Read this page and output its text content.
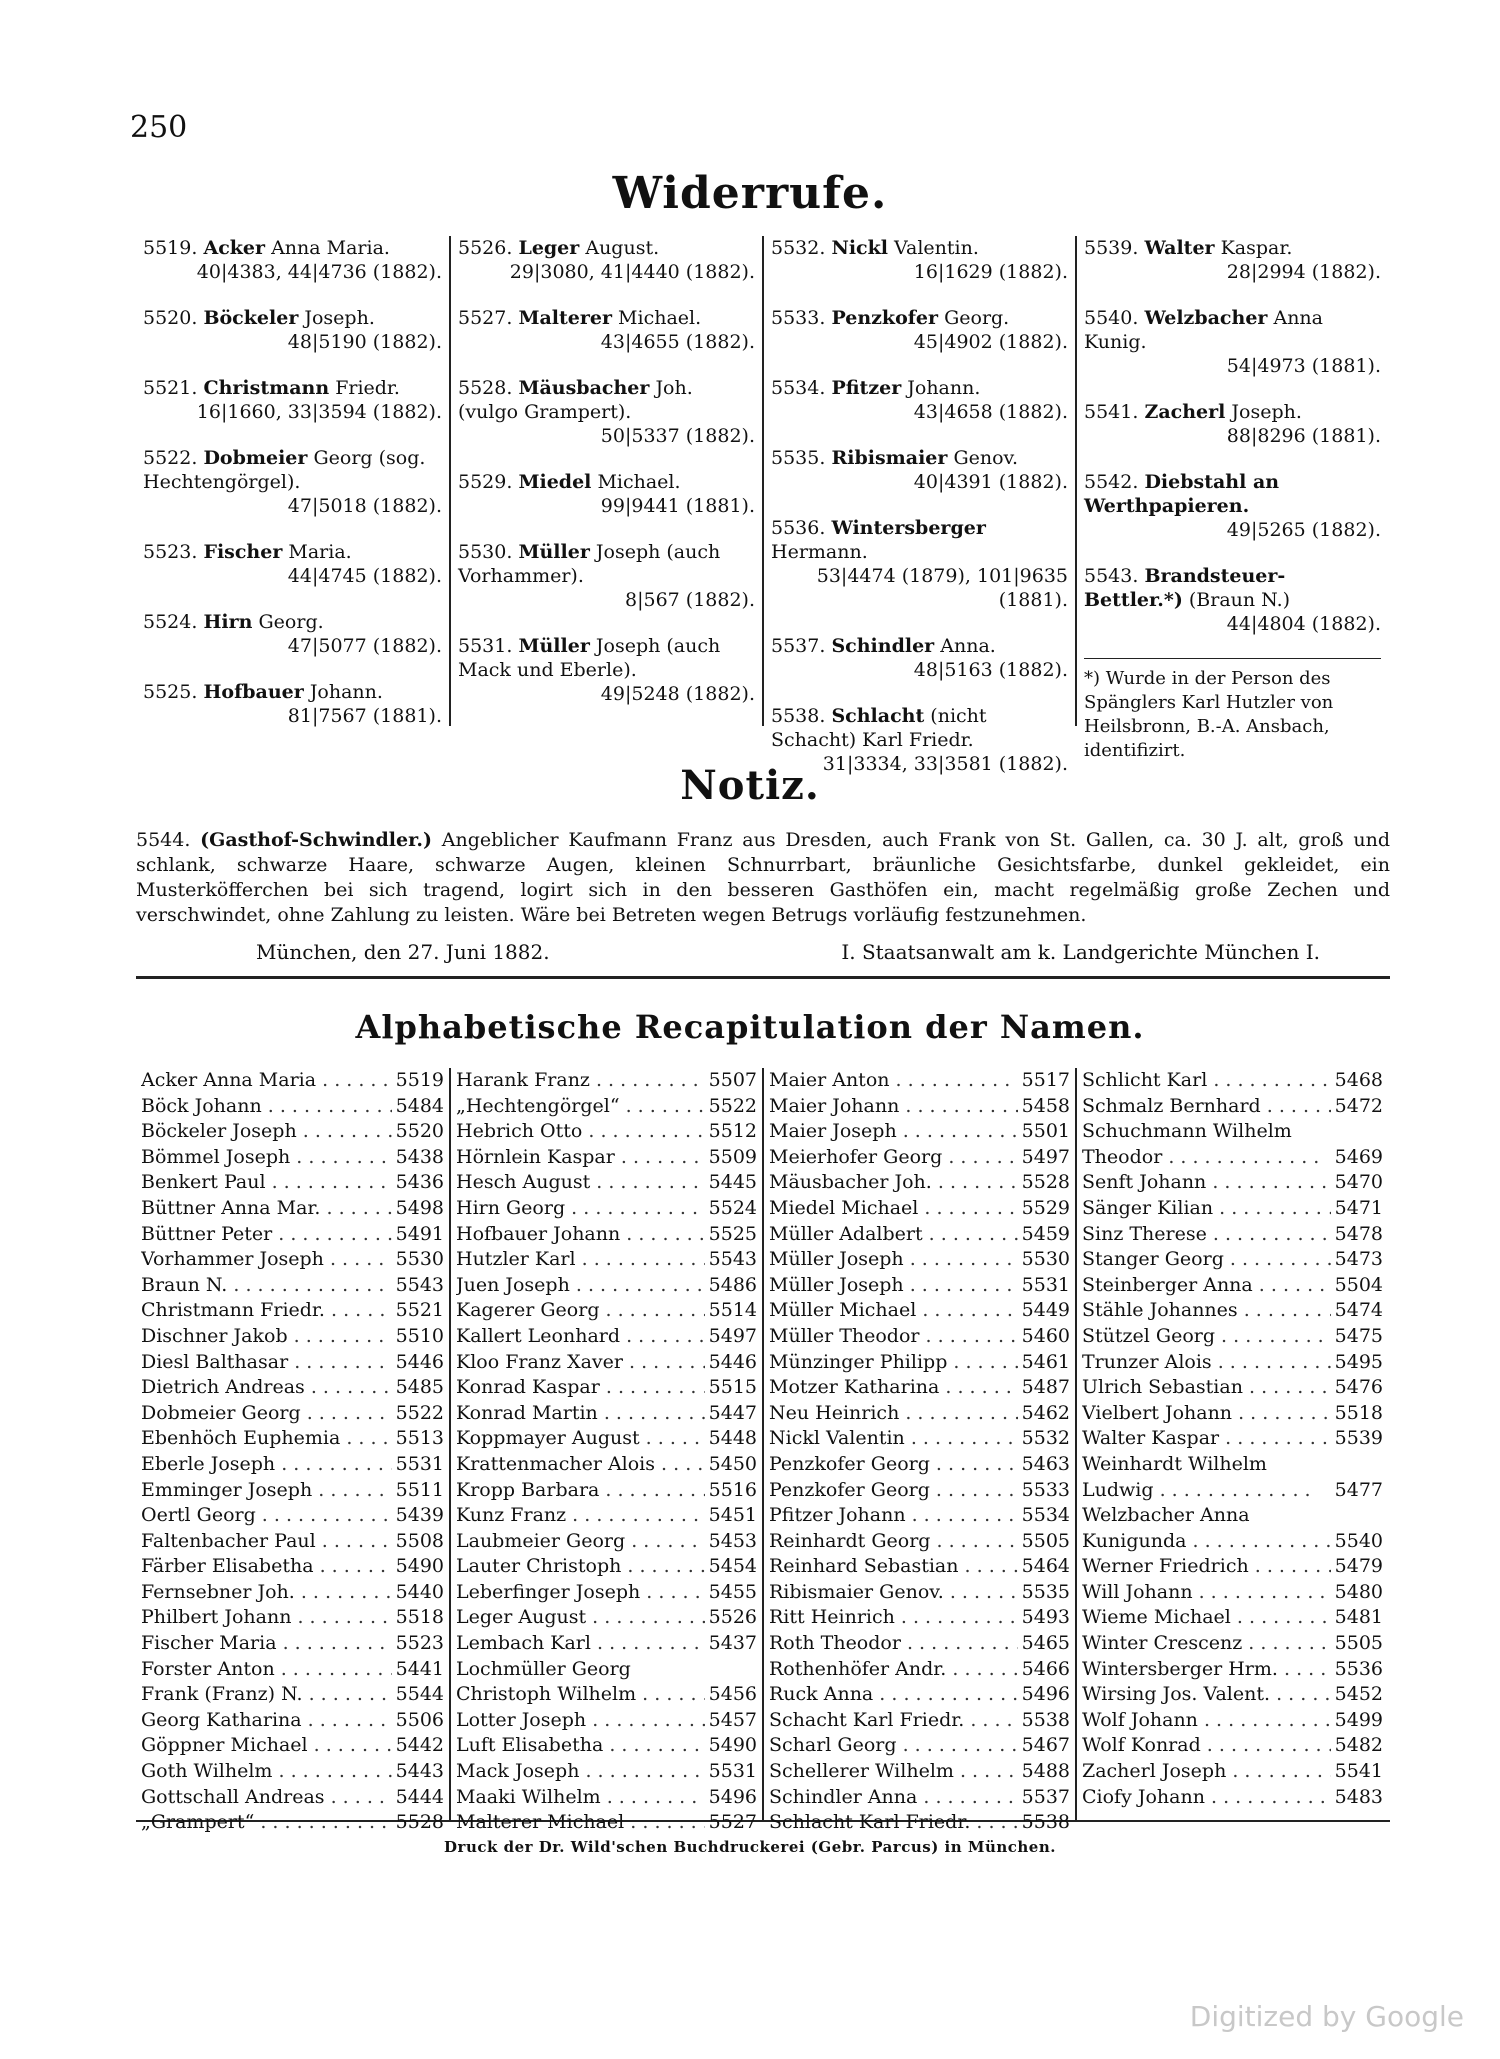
250
Widerrufe.
5519. Acker Anna Maria.
40|4383, 44|4736 (1882).
5520. Böckeler Joseph.
48|5190 (1882).
5521. Christmann Friedr.
16|1660, 33|3594 (1882).
5522. Dobmeier Georg (sog. Hechtengörgel).
47|5018 (1882).
5523. Fischer Maria.
44|4745 (1882).
5524. Hirn Georg.
47|5077 (1882).
5525. Hofbauer Johann.
81|7567 (1881).
5526. Leger August.
29|3080, 41|4440 (1882).
5527. Malterer Michael.
43|4655 (1882).
5528. Mäusbacher Joh. (vulgo Grampert).
50|5337 (1882).
5529. Miedel Michael.
99|9441 (1881).
5530. Müller Joseph (auch Vorhammer).
8|567 (1882).
5531. Müller Joseph (auch Mack und Eberle).
49|5248 (1882).
5532. Nickl Valentin.
16|1629 (1882).
5533. Penzkofer Georg.
45|4902 (1882).
5534. Pfitzer Johann.
43|4658 (1882).
5535. Ribismaier Genov.
40|4391 (1882).
5536. Wintersberger Hermann.
53|4474 (1879), 101|9635 (1881).
5537. Schindler Anna.
48|5163 (1882).
5538. Schlacht (nicht Schacht) Karl Friedr.
31|3334, 33|3581 (1882).
5539. Walter Kaspar.
28|2994 (1882).
5540. Welzbacher Anna Kunig.
54|4973 (1881).
5541. Zacherl Joseph.
88|8296 (1881).
5542. Diebstahl an Werthpapieren.
49|5265 (1882).
5543. Brandsteuer-Bettler.*) (Braun N.)
44|4804 (1882).
*) Wurde in der Person des Spänglers Karl Hutzler von Heilsbronn, B.-A. Ansbach, identifizirt.
Notiz.
5544. (Gasthof-Schwindler.) Angeblicher Kaufmann Franz aus Dresden, auch Frank von St. Gallen, ca. 30 J. alt, groß und schlank, schwarze Haare, schwarze Augen, kleinen Schnurrbart, bräunliche Gesichtsfarbe, dunkel gekleidet, ein Musterköfferchen bei sich tragend, logirt sich in den besseren Gasthöfen ein, macht regelmäßig große Zechen und verschwindet, ohne Zahlung zu leisten. Wäre bei Betreten wegen Betrugs vorläufig festzunehmen.
München, den 27. Juni 1882.	I. Staatsanwalt am k. Landgerichte München I.
Alphabetische Recapitulation der Namen.
Acker Anna Maria . . .	5519
Böck Johann . . .	5484
Böckeler Joseph . . .	5520
Bömmel Joseph . . .	5438
Benkert Paul . . .	5436
Büttner Anna Mar. . . .	5498
Büttner Peter . . .	5491
Vorhammer Joseph . . .	5530
Braun N. . . .	5543
Christmann Friedr. . . .	5521
Dischner Jakob . . .	5510
Diesl Balthasar . . .	5446
Dietrich Andreas . . .	5485
Dobmeier Georg . . .	5522
Ebenhöch Euphemia . . .	5513
Eberle Joseph . . .	5531
Emminger Joseph . . .	5511
Oertl Georg . . .	5439
Faltenbacher Paul . . .	5508
Färber Elisabetha . . .	5490
Fernsebner Joh. . . .	5440
Philbert Johann . . .	5518
Fischer Maria . . .	5523
Forster Anton . . .	5441
Frank (Franz) N. . . .	5544
Georg Katharina . . .	5506
Göppner Michael . . .	5442
Goth Wilhelm . . .	5443
Gottschall Andreas . . .	5444
„Grampert“ . . .	5528
Harank Franz . . .	5507
„Hechtengörgel“ . . .	5522
Hebrich Otto . . .	5512
Hörnlein Kaspar . . .	5509
Hesch August . . .	5445
Hirn Georg . . .	5524
Hofbauer Johann . . .	5525
Hutzler Karl . . .	5543
Juen Joseph . . .	5486
Kagerer Georg . . .	5514
Kallert Leonhard . . .	5497
Kloo Franz Xaver . . .	5446
Konrad Kaspar . . .	5515
Konrad Martin . . .	5447
Koppmayer August . . .	5448
Krattenmacher Alois . . .	5450
Kropp Barbara . . .	5516
Kunz Franz . . .	5451
Laubmeier Georg . . .	5453
Lauter Christoph . . .	5454
Leberfinger Joseph . . .	5455
Leger August . . .	5526
Lembach Karl . . .	5437
Lochmüller Georg
Christoph Wilhelm . . .	5456
Lotter Joseph . . .	5457
Luft Elisabetha . . .	5490
Mack Joseph . . .	5531
Maaki Wilhelm . . .	5496
Malterer Michael . . .	5527
Maier Anton . . .	5517
Maier Johann . . .	5458
Maier Joseph . . .	5501
Meierhofer Georg . . .	5497
Mäusbacher Joh. . . .	5528
Miedel Michael . . .	5529
Müller Adalbert . . .	5459
Müller Joseph . . .	5530
Müller Joseph . . .	5531
Müller Michael . . .	5449
Müller Theodor . . .	5460
Münzinger Philipp . . .	5461
Motzer Katharina . . .	5487
Neu Heinrich . . .	5462
Nickl Valentin . . .	5532
Penzkofer Georg . . .	5463
Penzkofer Georg . . .	5533
Pfitzer Johann . . .	5534
Reinhardt Georg . . .	5505
Reinhard Sebastian . . .	5464
Ribismaier Genov. . . .	5535
Ritt Heinrich . . .	5493
Roth Theodor . . .	5465
Rothenhöfer Andr. . . .	5466
Ruck Anna . . .	5496
Schacht Karl Friedr. . . .	5538
Scharl Georg . . .	5467
Schellerer Wilhelm . . .	5488
Schindler Anna . . .	5537
Schlacht Karl Friedr. . . .	5538
Schlicht Karl . . .	5468
Schmalz Bernhard . . .	5472
Schuchmann Wilhelm
Theodor . . .	5469
Senft Johann . . .	5470
Sänger Kilian . . .	5471
Sinz Therese . . .	5478
Stanger Georg . . .	5473
Steinberger Anna . . .	5504
Stähle Johannes . . .	5474
Stützel Georg . . .	5475
Trunzer Alois . . .	5495
Ulrich Sebastian . . .	5476
Vielbert Johann . . .	5518
Walter Kaspar . . .	5539
Weinhardt Wilhelm
Ludwig . . .	5477
Welzbacher Anna
Kunigunda . . .	5540
Werner Friedrich . . .	5479
Will Johann . . .	5480
Wieme Michael . . .	5481
Winter Crescenz . . .	5505
Wintersberger Hrm. . . .	5536
Wirsing Jos. Valent. . . .	5452
Wolf Johann . . .	5499
Wolf Konrad . . .	5482
Zacherl Joseph . . .	5541
Ciofy Johann . . .	5483
Druck der Dr. Wild'schen Buchdruckerei (Gebr. Parcus) in München.
Digitized by Google
